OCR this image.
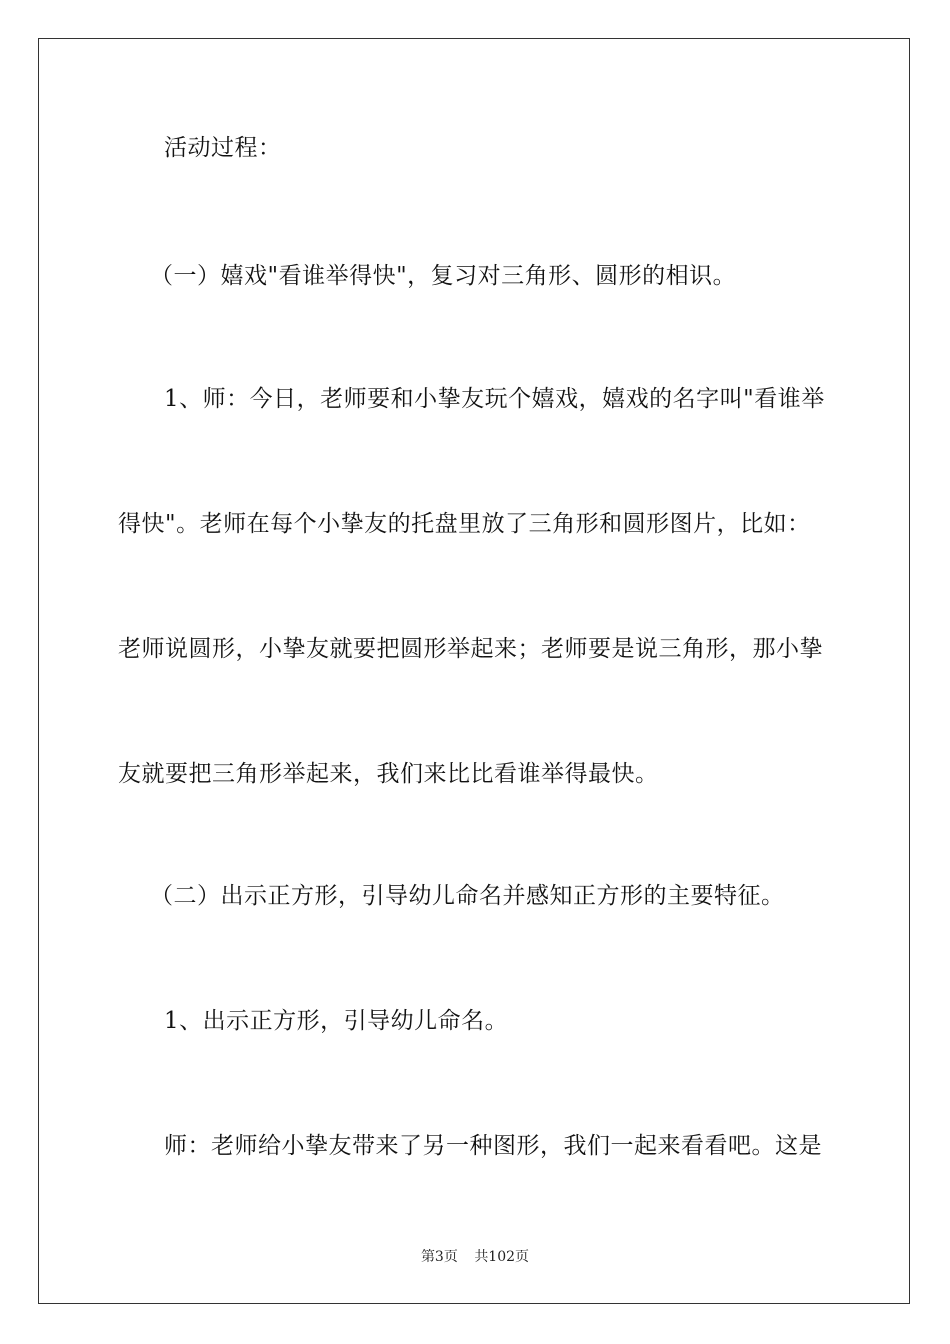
活动过程：
（一）嬉戏"看谁举得快"，复习对三角形、圆形的相识。
1、师：今日，老师要和小挚友玩个嬉戏，嬉戏的名字叫"看谁举
得快"。老师在每个小挚友的托盘里放了三角形和圆形图片，比如：
老师说圆形，小挚友就要把圆形举起来；老师要是说三角形，那小挚
友就要把三角形举起来，我们来比比看谁举得最快。
（二）出示正方形，引导幼儿命名并感知正方形的主要特征。
1、出示正方形，引导幼儿命名。
师：老师给小挚友带来了另一种图形，我们一起来看看吧。这是
第3页 共102页
